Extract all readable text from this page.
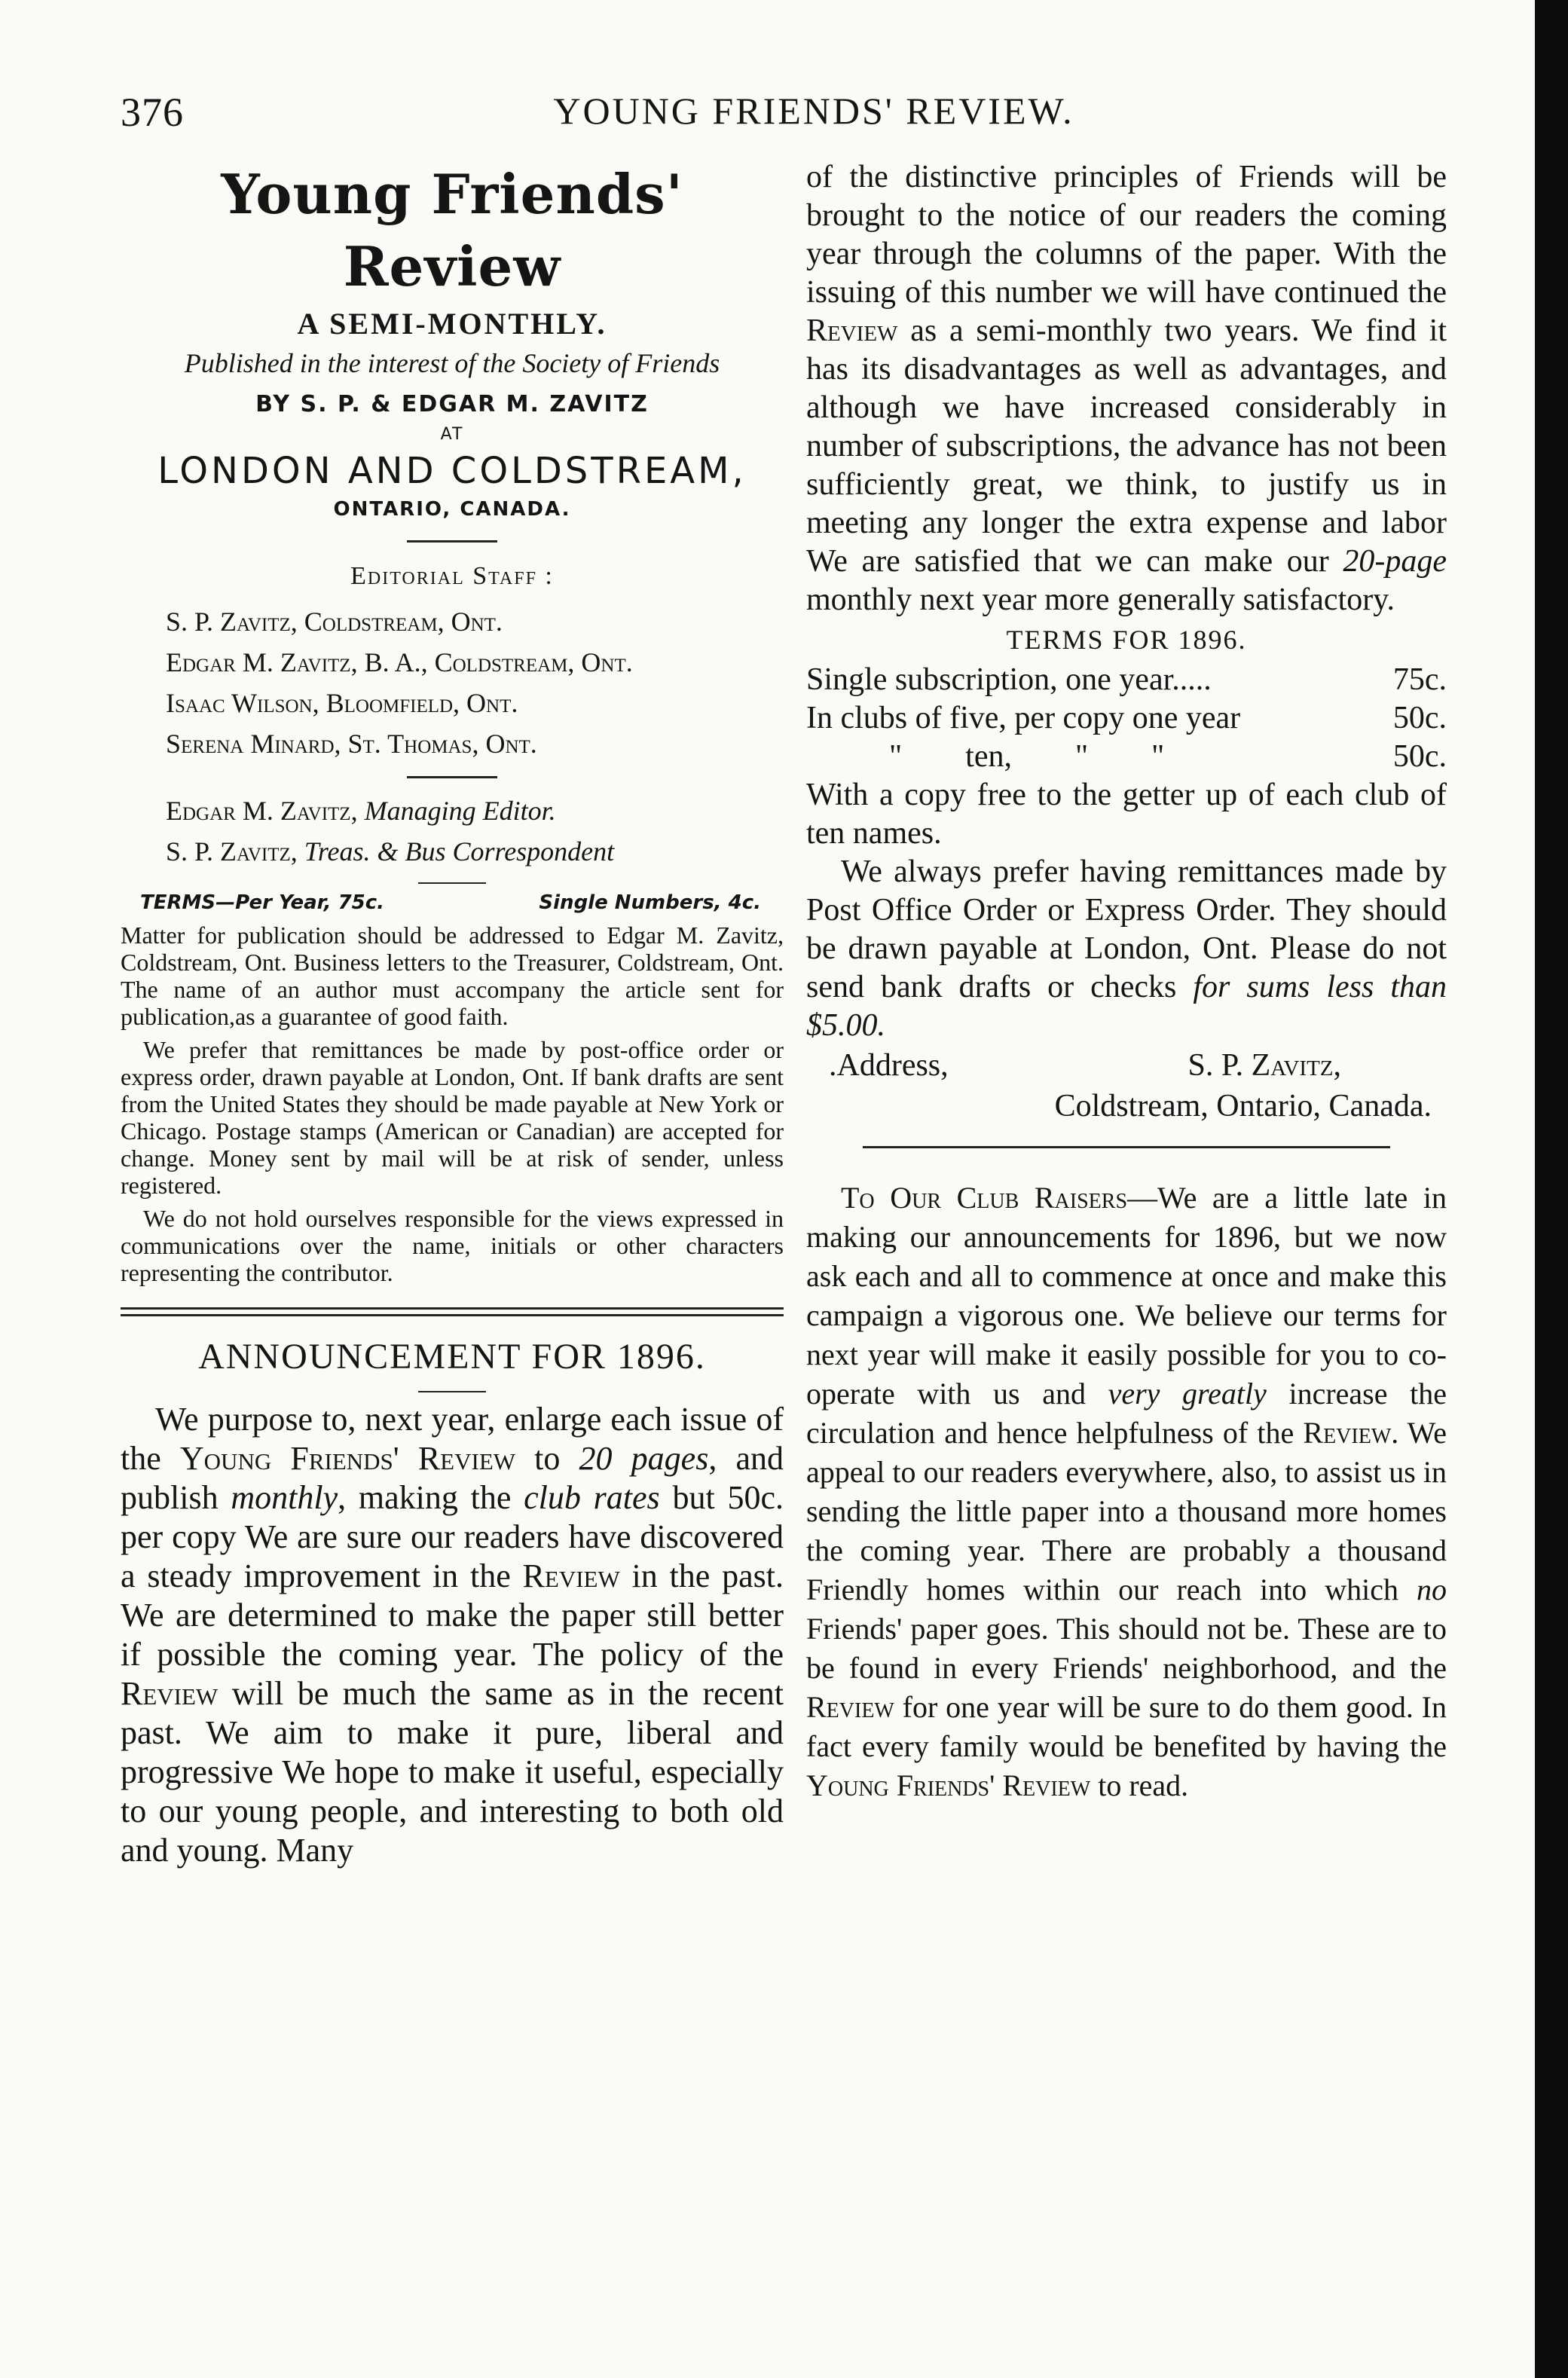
376	YOUNG FRIENDS' REVIEW.
Young Friends' Review
A SEMI-MONTHLY.
Published in the interest of the Society of Friends
BY S. P. & EDGAR M. ZAVITZ
AT
LONDON AND COLDSTREAM,
ONTARIO, CANADA.
Editorial Staff :
S. P. Zavitz, Coldstream, Ont.
Edgar M. Zavitz, B. A., Coldstream, Ont.
Isaac Wilson, Bloomfield, Ont.
Serena Minard, St. Thomas, Ont.
Edgar M. Zavitz, Managing Editor.
S. P. Zavitz, Treas. & Bus Correspondent
TERMS—Per Year, 75c.	Single Numbers, 4c.

Matter for publication should be addressed to Edgar M. Zavitz, Coldstream, Ont. Business letters to the Treasurer, Coldstream, Ont. The name of an author must accompany the article sent for publication,as a guarantee of good faith.

We prefer that remittances be made by post-office order or express order, drawn payable at London, Ont. If bank drafts are sent from the United States they should be made payable at New York or Chicago. Postage stamps (American or Canadian) are accepted for change. Money sent by mail will be at risk of sender, unless registered.

We do not hold ourselves responsible for the views expressed in communications over the name, initials or other characters representing the contributor.

ANNOUNCEMENT FOR 1896.

We purpose to, next year, enlarge each issue of the Young Friends' Review to 20 pages, and publish monthly, making the club rates but 50c. per copy We are sure our readers have discovered a steady improvement in the Review in the past. We are determined to make the paper still better if possible the coming year. The policy of the Review will be much the same as in the recent past. We aim to make it pure, liberal and progressive We hope to make it useful, especially to our young people, and interesting to both old and young. Many

of the distinctive principles of Friends will be brought to the notice of our readers the coming year through the columns of the paper. With the issuing of this number we will have continued the Review as a semi-monthly two years. We find it has its disadvantages as well as advantages, and although we have increased considerably in number of subscriptions, the advance has not been sufficiently great, we think, to justify us in meeting any longer the extra expense and labor We are satisfied that we can make our 20-page monthly next year more generally satisfactory.

TERMS FOR 1896.
Single subscription, one year.....	75c.
In clubs of five, per copy one year	50c.
"        ten,        "        "	50c.

With a copy free to the getter up of each club of ten names.

We always prefer having remittances made by Post Office Order or Express Order. They should be drawn payable at London, Ont. Please do not send bank drafts or checks for sums less than $5.00.

.Address,	S. P. Zavitz,
Coldstream, Ontario, Canada.

To Our Club Raisers—We are a little late in making our announcements for 1896, but we now ask each and all to commence at once and make this campaign a vigorous one. We believe our terms for next year will make it easily possible for you to co-operate with us and very greatly increase the circulation and hence helpfulness of the Review. We appeal to our readers everywhere, also, to assist us in sending the little paper into a thousand more homes the coming year. There are probably a thousand Friendly homes within our reach into which no Friends' paper goes. This should not be. These are to be found in every Friends' neighborhood, and the Review for one year will be sure to do them good. In fact every family would be benefited by having the Young Friends' Review to read.
